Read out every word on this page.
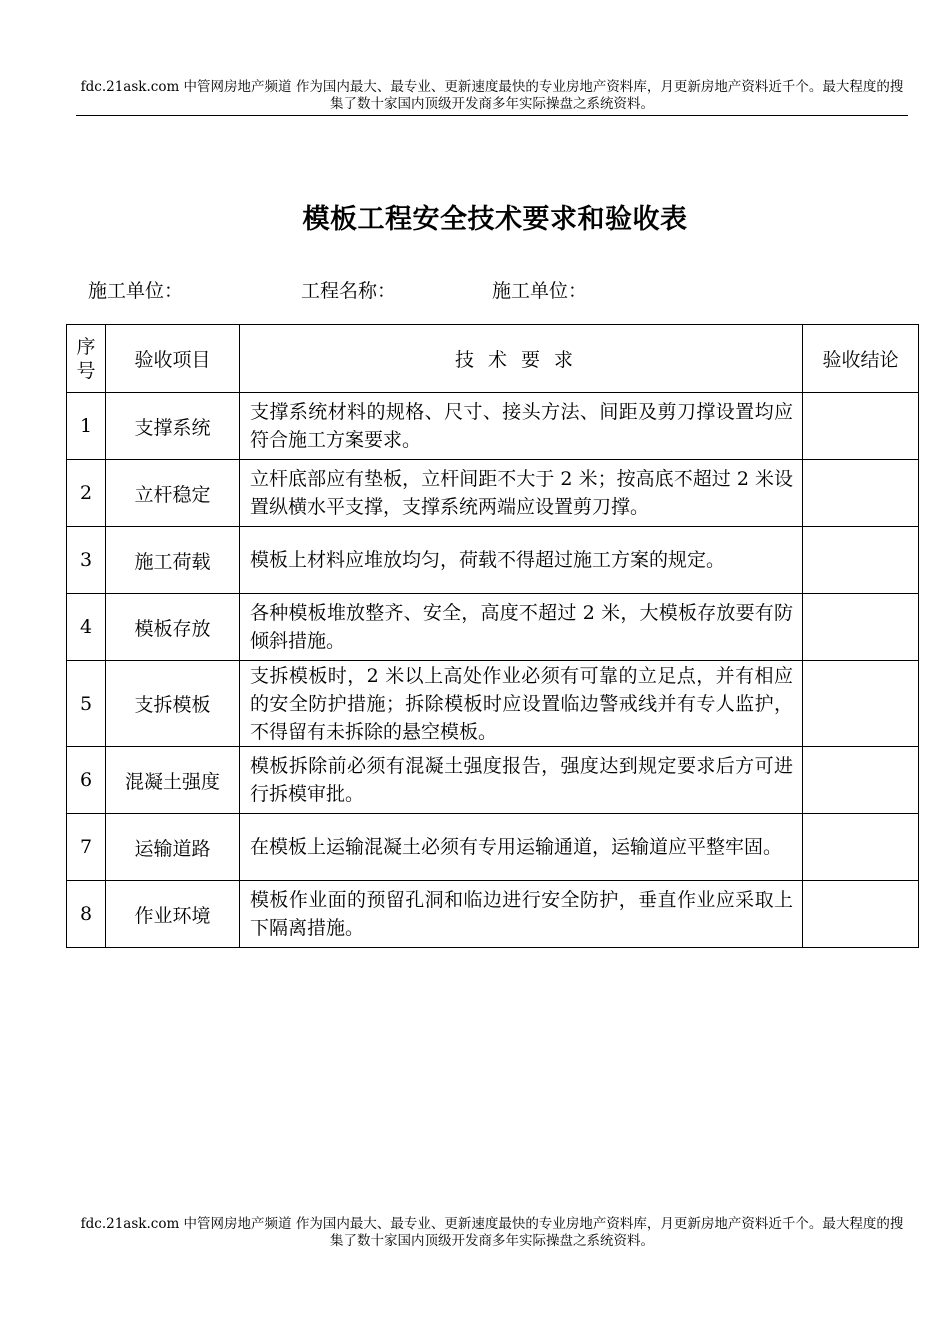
fdc.21ask.com 中管网房地产频道 作为国内最大、最专业、更新速度最快的专业房地产资料库，月更新房地产资料近千个。最大程度的搜集了数十家国内顶级开发商多年实际操盘之系统资料。
模板工程安全技术要求和验收表
施工单位：	工程名称：	施工单位：
序号	验收项目	技术要求	验收结论
1	支撑系统	支撑系统材料的规格、尺寸、接头方法、间距及剪刀撑设置均应符合施工方案要求。	
2	立杆稳定	立杆底部应有垫板，立杆间距不大于 2 米；按高底不超过 2 米设置纵横水平支撑，支撑系统两端应设置剪刀撑。	
3	施工荷载	模板上材料应堆放均匀，荷载不得超过施工方案的规定。	
4	模板存放	各种模板堆放整齐、安全，高度不超过 2 米，大模板存放要有防倾斜措施。	
5	支拆模板	支拆模板时，2 米以上高处作业必须有可靠的立足点，并有相应的安全防护措施；拆除模板时应设置临边警戒线并有专人监护，不得留有未拆除的悬空模板。	
6	混凝土强度	模板拆除前必须有混凝土强度报告，强度达到规定要求后方可进行拆模审批。	
7	运输道路	在模板上运输混凝土必须有专用运输通道，运输道应平整牢固。	
8	作业环境	模板作业面的预留孔洞和临边进行安全防护，垂直作业应采取上下隔离措施。	
fdc.21ask.com 中管网房地产频道 作为国内最大、最专业、更新速度最快的专业房地产资料库，月更新房地产资料近千个。最大程度的搜集了数十家国内顶级开发商多年实际操盘之系统资料。
